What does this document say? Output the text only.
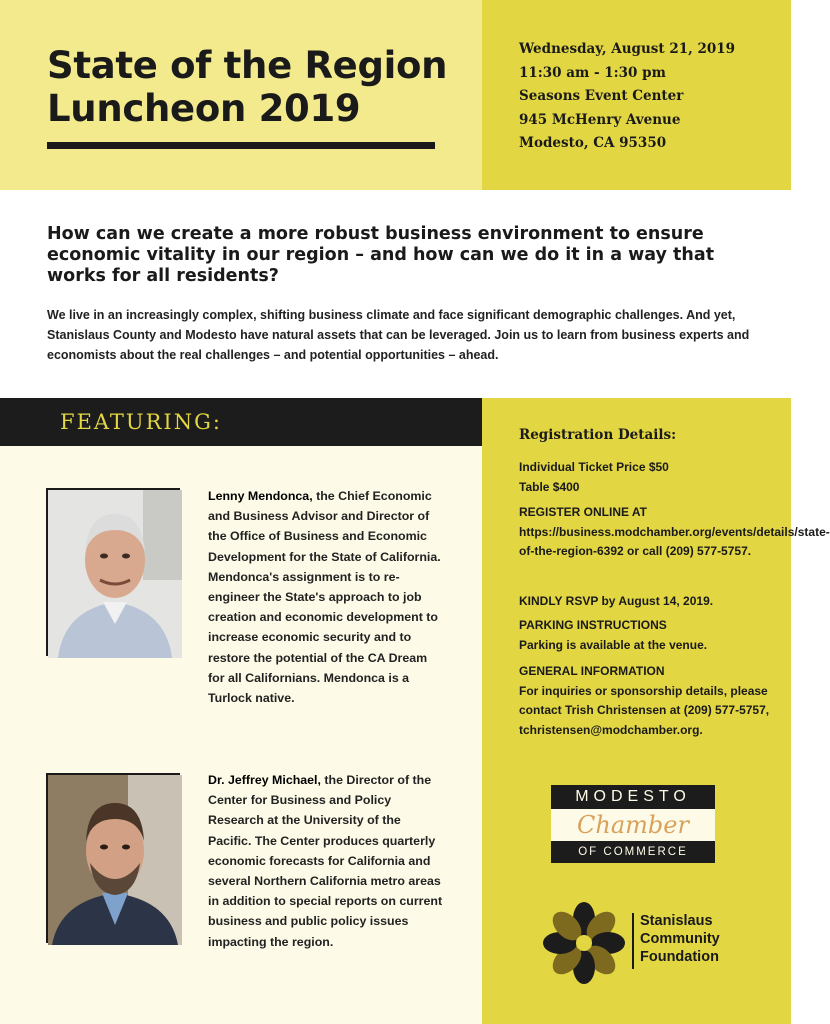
State of the Region
Luncheon 2019
Wednesday, August 21, 2019
11:30 am - 1:30 pm
Seasons Event Center
945 McHenry Avenue
Modesto, CA 95350
How can we create a more robust business environment to ensure economic vitality in our region – and how can we do it in a way that works for all residents?
We live in an increasingly complex, shifting business climate and face significant demographic challenges. And yet, Stanislaus County and Modesto have natural assets that can be leveraged. Join us to learn from business experts and economists about the real challenges – and potential opportunities – ahead.
FEATURING:
Lenny Mendonca, the Chief Economic and Business Advisor and Director of the Office of Business and Economic Development for the State of California. Mendonca's assignment is to re-engineer the State's approach to job creation and economic development to increase economic security and to restore the potential of the CA Dream for all Californians. Mendonca is a Turlock native.
Dr. Jeffrey Michael, the Director of the Center for Business and Policy Research at the University of the Pacific. The Center produces quarterly economic forecasts for California and several Northern California metro areas in addition to special reports on current business and public policy issues impacting the region.
Registration Details:
Individual Ticket Price $50
Table $400
REGISTER ONLINE AT https://business.modchamber.org/events/details/state-of-the-region-6392 or call (209) 577-5757.
KINDLY RSVP by August 14, 2019.
PARKING INSTRUCTIONS
Parking is available at the venue.
GENERAL INFORMATION
For inquiries or sponsorship details, please contact Trish Christensen at (209) 577-5757, tchristensen@modchamber.org.
MODESTO
Chamber
OF COMMERCE
Stanislaus
Community
Foundation
